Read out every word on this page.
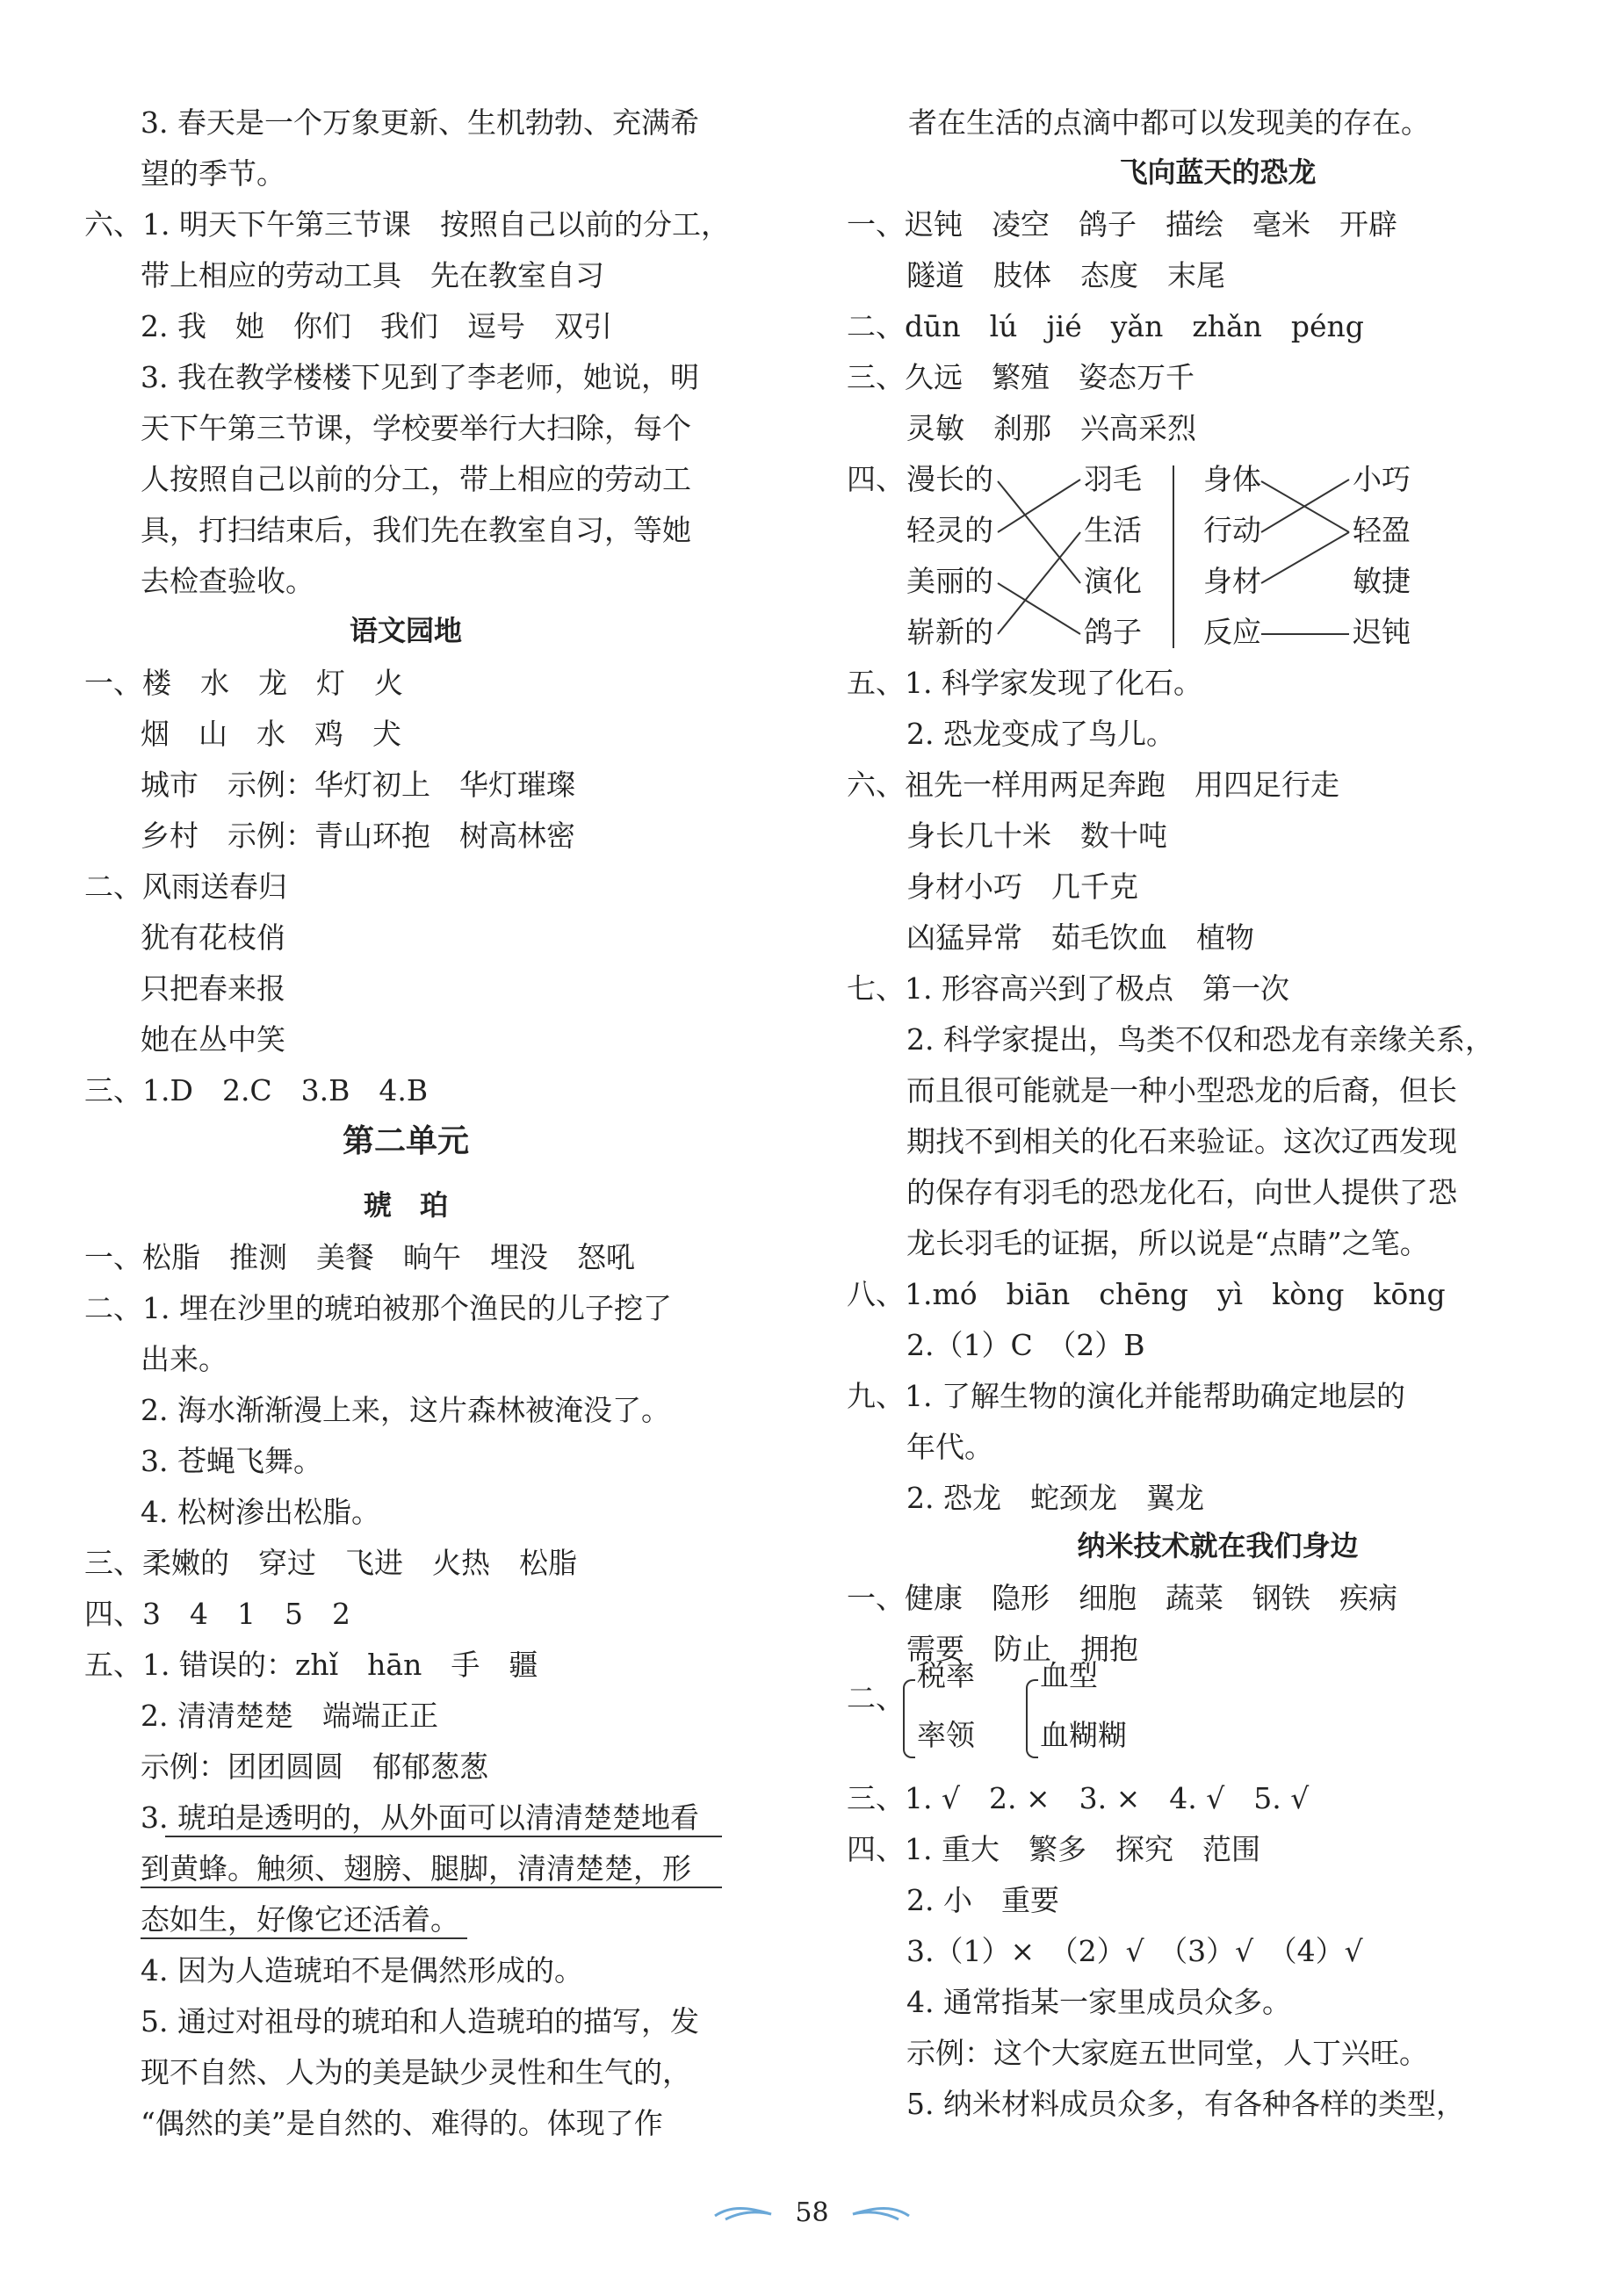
3. 春天是一个万象更新、生机勃勃、充满希
望的季节。
六、1. 明天下午第三节课　按照自己以前的分工，
带上相应的劳动工具　先在教室自习
2. 我　她　你们　我们　逗号　双引
3. 我在教学楼楼下见到了李老师，她说，明
天下午第三节课，学校要举行大扫除，每个
人按照自己以前的分工，带上相应的劳动工
具，打扫结束后，我们先在教室自习，等她
去检查验收。
语文园地
一、楼　水　龙　灯　火
烟　山　水　鸡　犬
城市　示例：华灯初上　华灯璀璨
乡村　示例：青山环抱　树高林密
二、风雨送春归
犹有花枝俏
只把春来报
她在丛中笑
三、1.D　2.C　3.B　4.B
第二单元
琥　珀
一、松脂　推测　美餐　晌午　埋没　怒吼
二、1. 埋在沙里的琥珀被那个渔民的儿子挖了
出来。
2. 海水渐渐漫上来，这片森林被淹没了。
3. 苍蝇飞舞。
4. 松树渗出松脂。
三、柔嫩的　穿过　飞进　火热　松脂
四、3　4　1　5　2
五、1. 错误的：zhǐ　hān　手　疆
2. 清清楚楚　端端正正
示例：团团圆圆　郁郁葱葱
3. 琥珀是透明的，从外面可以清清楚楚地看
到黄蜂。触须、翅膀、腿脚，清清楚楚，形
态如生，好像它还活着。
4. 因为人造琥珀不是偶然形成的。
5. 通过对祖母的琥珀和人造琥珀的描写，发
现不自然、人为的美是缺少灵性和生气的，
“偶然的美”是自然的、难得的。体现了作
者在生活的点滴中都可以发现美的存在。
飞向蓝天的恐龙
一、迟钝　凌空　鸽子　描绘　毫米　开辟
隧道　肢体　态度　末尾
二、dūn　lú　jié　yǎn　zhǎn　péng
三、久远　繁殖　姿态万千
灵敏　刹那　兴高采烈
四、 漫长的
轻灵的
美丽的
崭新的
羽毛
生活
演化
鸽子
身体
行动
身材
反应
小巧
轻盈
敏捷
迟钝
五、1. 科学家发现了化石。
2. 恐龙变成了鸟儿。
六、祖先一样用两足奔跑　用四足行走
身长几十米　数十吨
身材小巧　几千克
凶猛异常　茹毛饮血　植物
七、1. 形容高兴到了极点　第一次
2. 科学家提出，鸟类不仅和恐龙有亲缘关系，
而且很可能就是一种小型恐龙的后裔，但长
期找不到相关的化石来验证。这次辽西发现
的保存有羽毛的恐龙化石，向世人提供了恐
龙长羽毛的证据，所以说是“点睛”之笔。
八、1.mó　biān　chēng　yì　kòng　kōng
2.（1）C　（2）B
九、1. 了解生物的演化并能帮助确定地层的
年代。
2. 恐龙　蛇颈龙　翼龙
纳米技术就在我们身边
一、健康　隐形　细胞　蔬菜　钢铁　疾病
需要　防止　拥抱
二、
税率
率领
血型
血糊糊
三、1. √　2. ×　3. ×　4. √　5. √
四、1. 重大　繁多　探究　范围
2. 小　重要
3.（1）×　（2）√　（3）√　（4）√
4. 通常指某一家里成员众多。
示例：这个大家庭五世同堂，人丁兴旺。
5. 纳米材料成员众多，有各种各样的类型，
58
